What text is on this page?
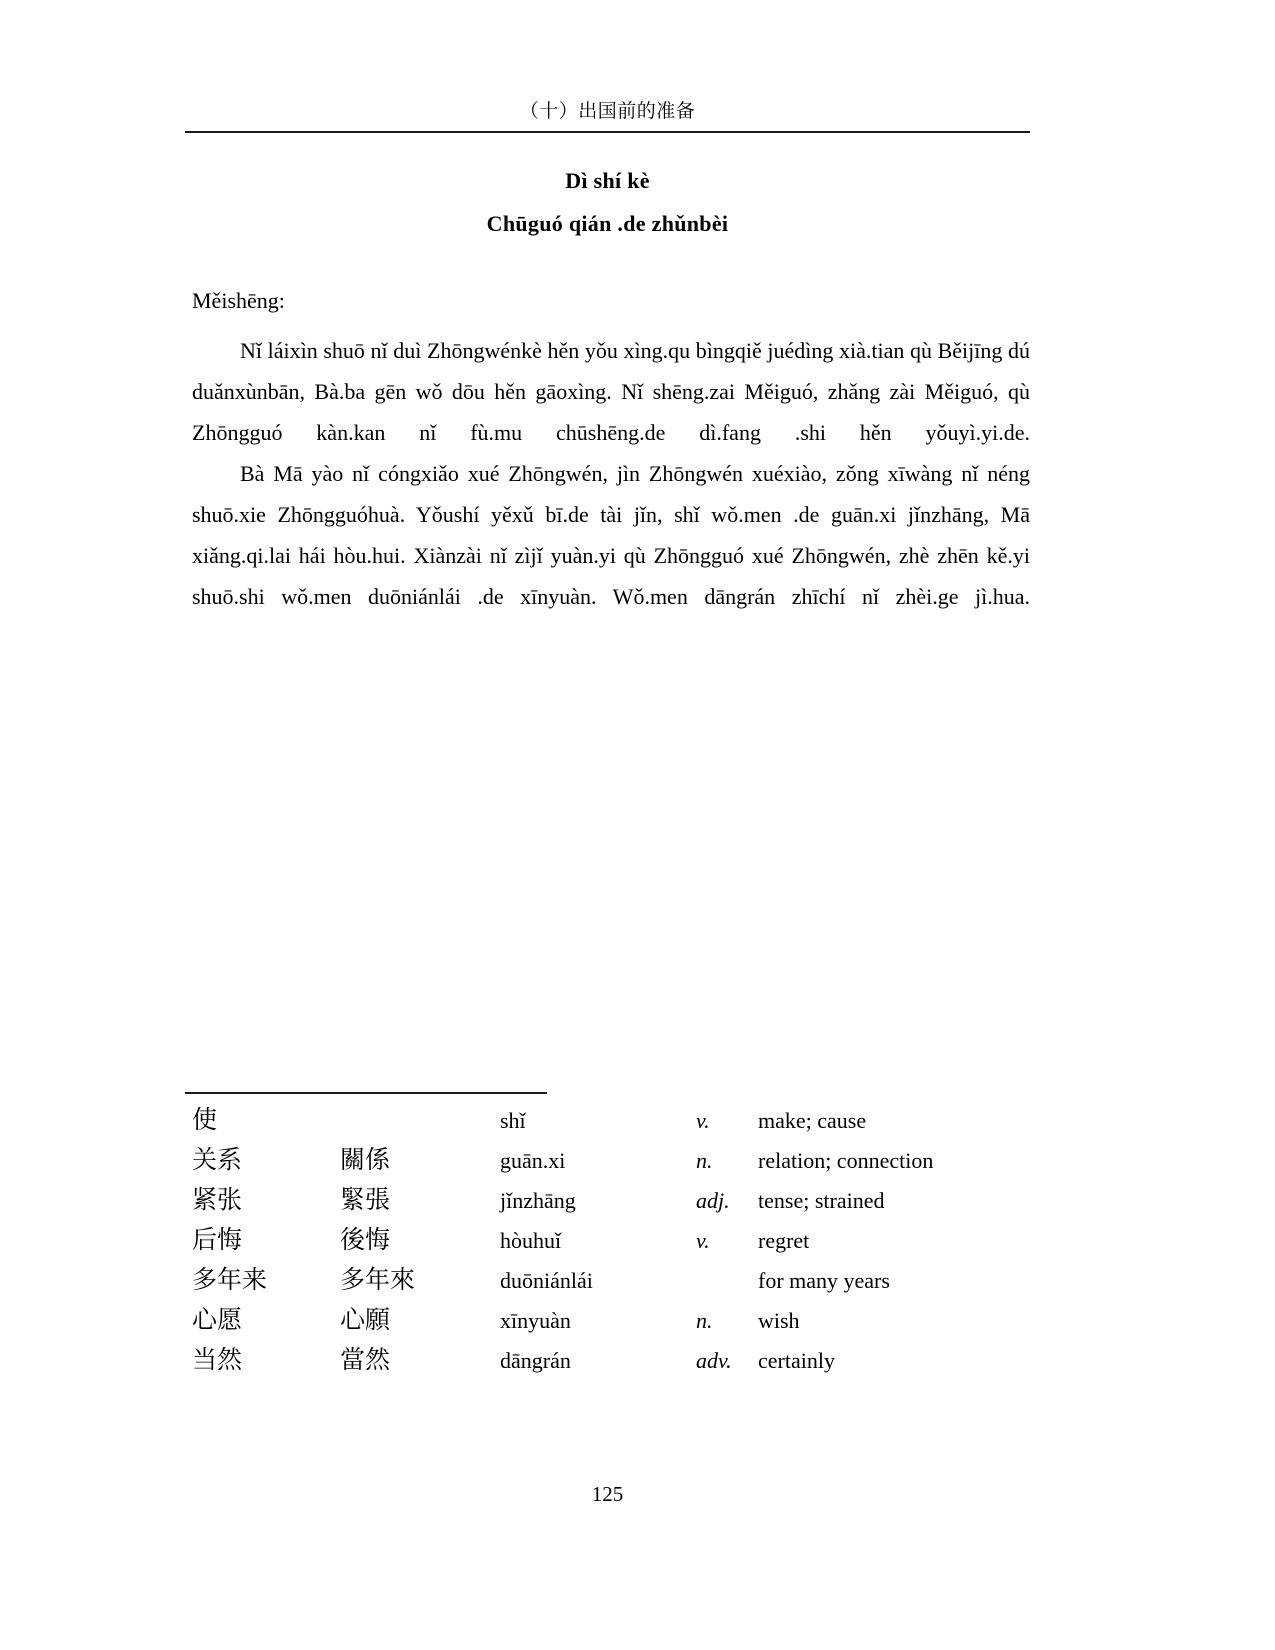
（十）出国前的准备
Dì shí kè
Chūguó qián .de zhǔnbèi
Měishēng:

Nǐ láixìn shuō nǐ duì Zhōngwénkè hěn yǒu xìng.qu bìngqiě juédìng xià.tian qù Běijīng dú duǎnxùnbān, Bà.ba gēn wǒ dōu hěn gāoxìng. Nǐ shēng.zai Měiguó, zhǎng zài Měiguó, qù Zhōngguó kàn.kan nǐ fù.mu chūshēng.de dì.fang .shi hěn yǒuyì.yi.de.

Bà Mā yào nǐ cóngxiǎo xué Zhōngwén, jìn Zhōngwén xuéxiào, zǒng xīwàng nǐ néng shuō.xie Zhōngguóhuà. Yǒushí yěxǔ bī.de tài jǐn, shǐ wǒ.men .de guān.xi jǐnzhāng, Mā xiǎng.qi.lai hái hòu.hui. Xiànzài nǐ zìjǐ yuàn.yi qù Zhōngguó xué Zhōngwén, zhè zhēn kě.yi shuō.shi wǒ.men duōniánlái .de xīnyuàn. Wǒ.men dāngrán zhīchí nǐ zhèi.ge jì.hua.

使		shǐ	v.	make; cause
关系	關係	guān.xi	n.	relation; connection
紧张	緊張	jǐnzhāng	adj.	tense; strained
后悔	後悔	hòuhuǐ	v.	regret
多年来	多年來	duōniánlái		for many years
心愿	心願	xīnyuàn	n.	wish
当然	當然	dāngrán	adv.	certainly
125
